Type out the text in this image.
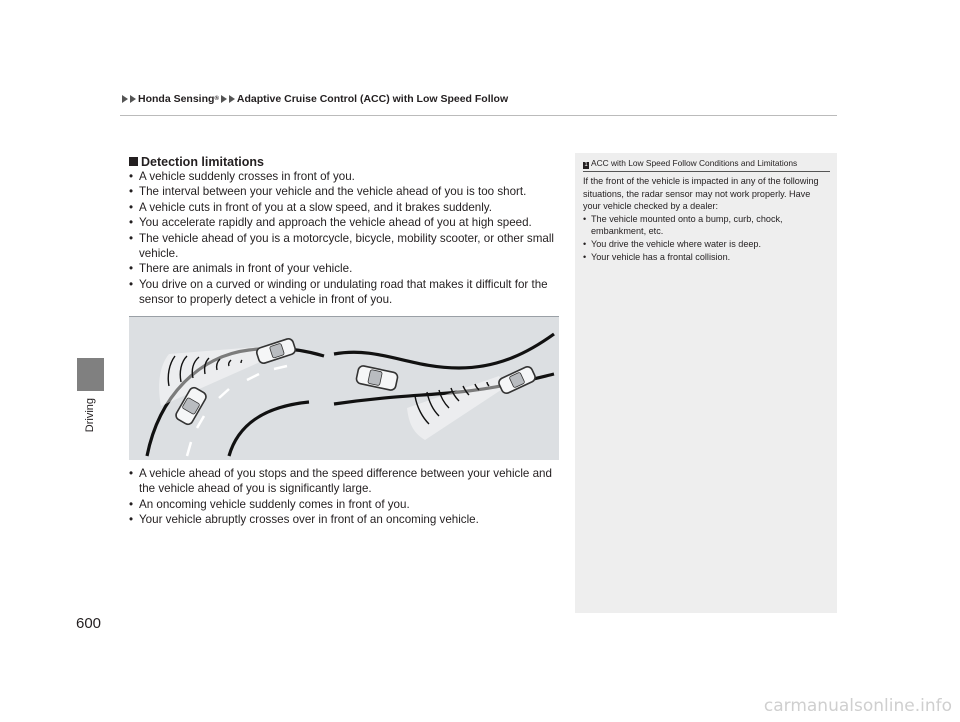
Honda Sensing ® Adaptive Cruise Control (ACC) with Low Speed Follow
Driving
Detection limitations
• A vehicle suddenly crosses in front of you.
• The interval between your vehicle and the vehicle ahead of you is too short.
• A vehicle cuts in front of you at a slow speed, and it brakes suddenly.
• You accelerate rapidly and approach the vehicle ahead of you at high speed.
• The vehicle ahead of you is a motorcycle, bicycle, mobility scooter, or other small vehicle.
• There are animals in front of your vehicle.
• You drive on a curved or winding or undulating road that makes it difficult for the sensor to properly detect a vehicle in front of you.
• A vehicle ahead of you stops and the speed difference between your vehicle and the vehicle ahead of you is significantly large.
• An oncoming vehicle suddenly comes in front of you.
• Your vehicle abruptly crosses over in front of an oncoming vehicle.
1 ACC with Low Speed Follow Conditions and Limitations

If the front of the vehicle is impacted in any of the following situations, the radar sensor may not work properly. Have your vehicle checked by a dealer:

• The vehicle mounted onto a bump, curb, chock, embankment, etc.
• You drive the vehicle where water is deep.
• Your vehicle has a frontal collision.
600
carmanualsonline.info
